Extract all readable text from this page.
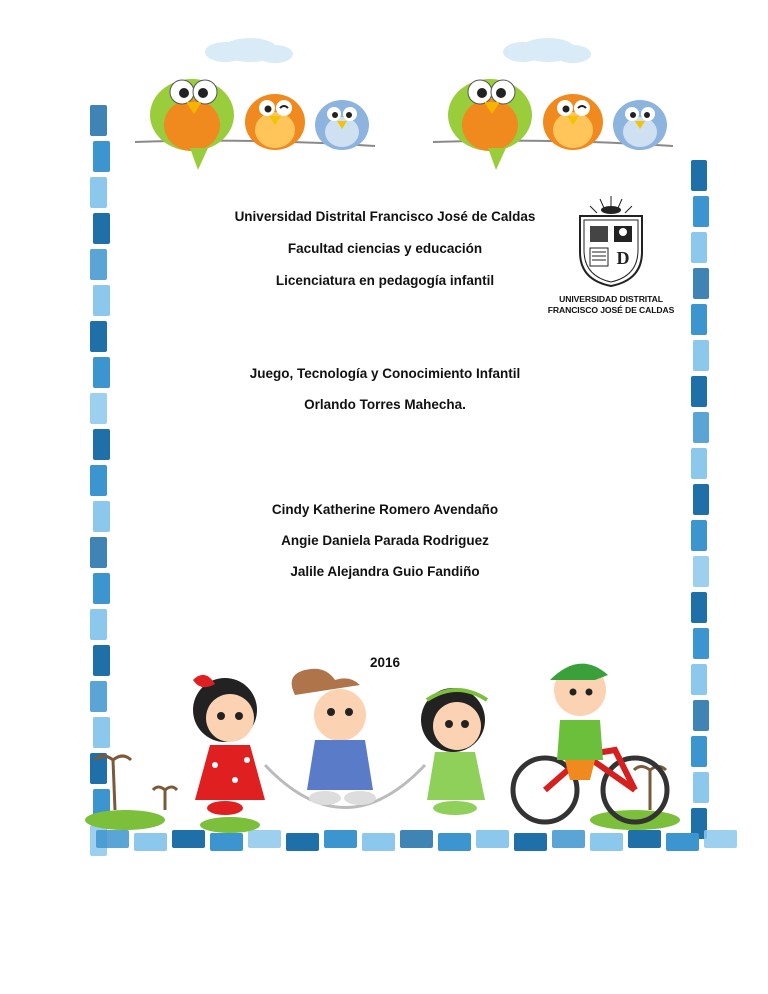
D
UNIVERSIDAD DISTRITAL
FRANCISCO JOSÉ DE CALDAS
Universidad Distrital Francisco José de Caldas
Facultad ciencias y educación
Licenciatura en pedagogía infantil
Juego, Tecnología y Conocimiento Infantil
Orlando Torres Mahecha.
Cindy Katherine Romero Avendaño
Angie Daniela Parada Rodriguez
Jalile Alejandra Guio Fandiño
2016
